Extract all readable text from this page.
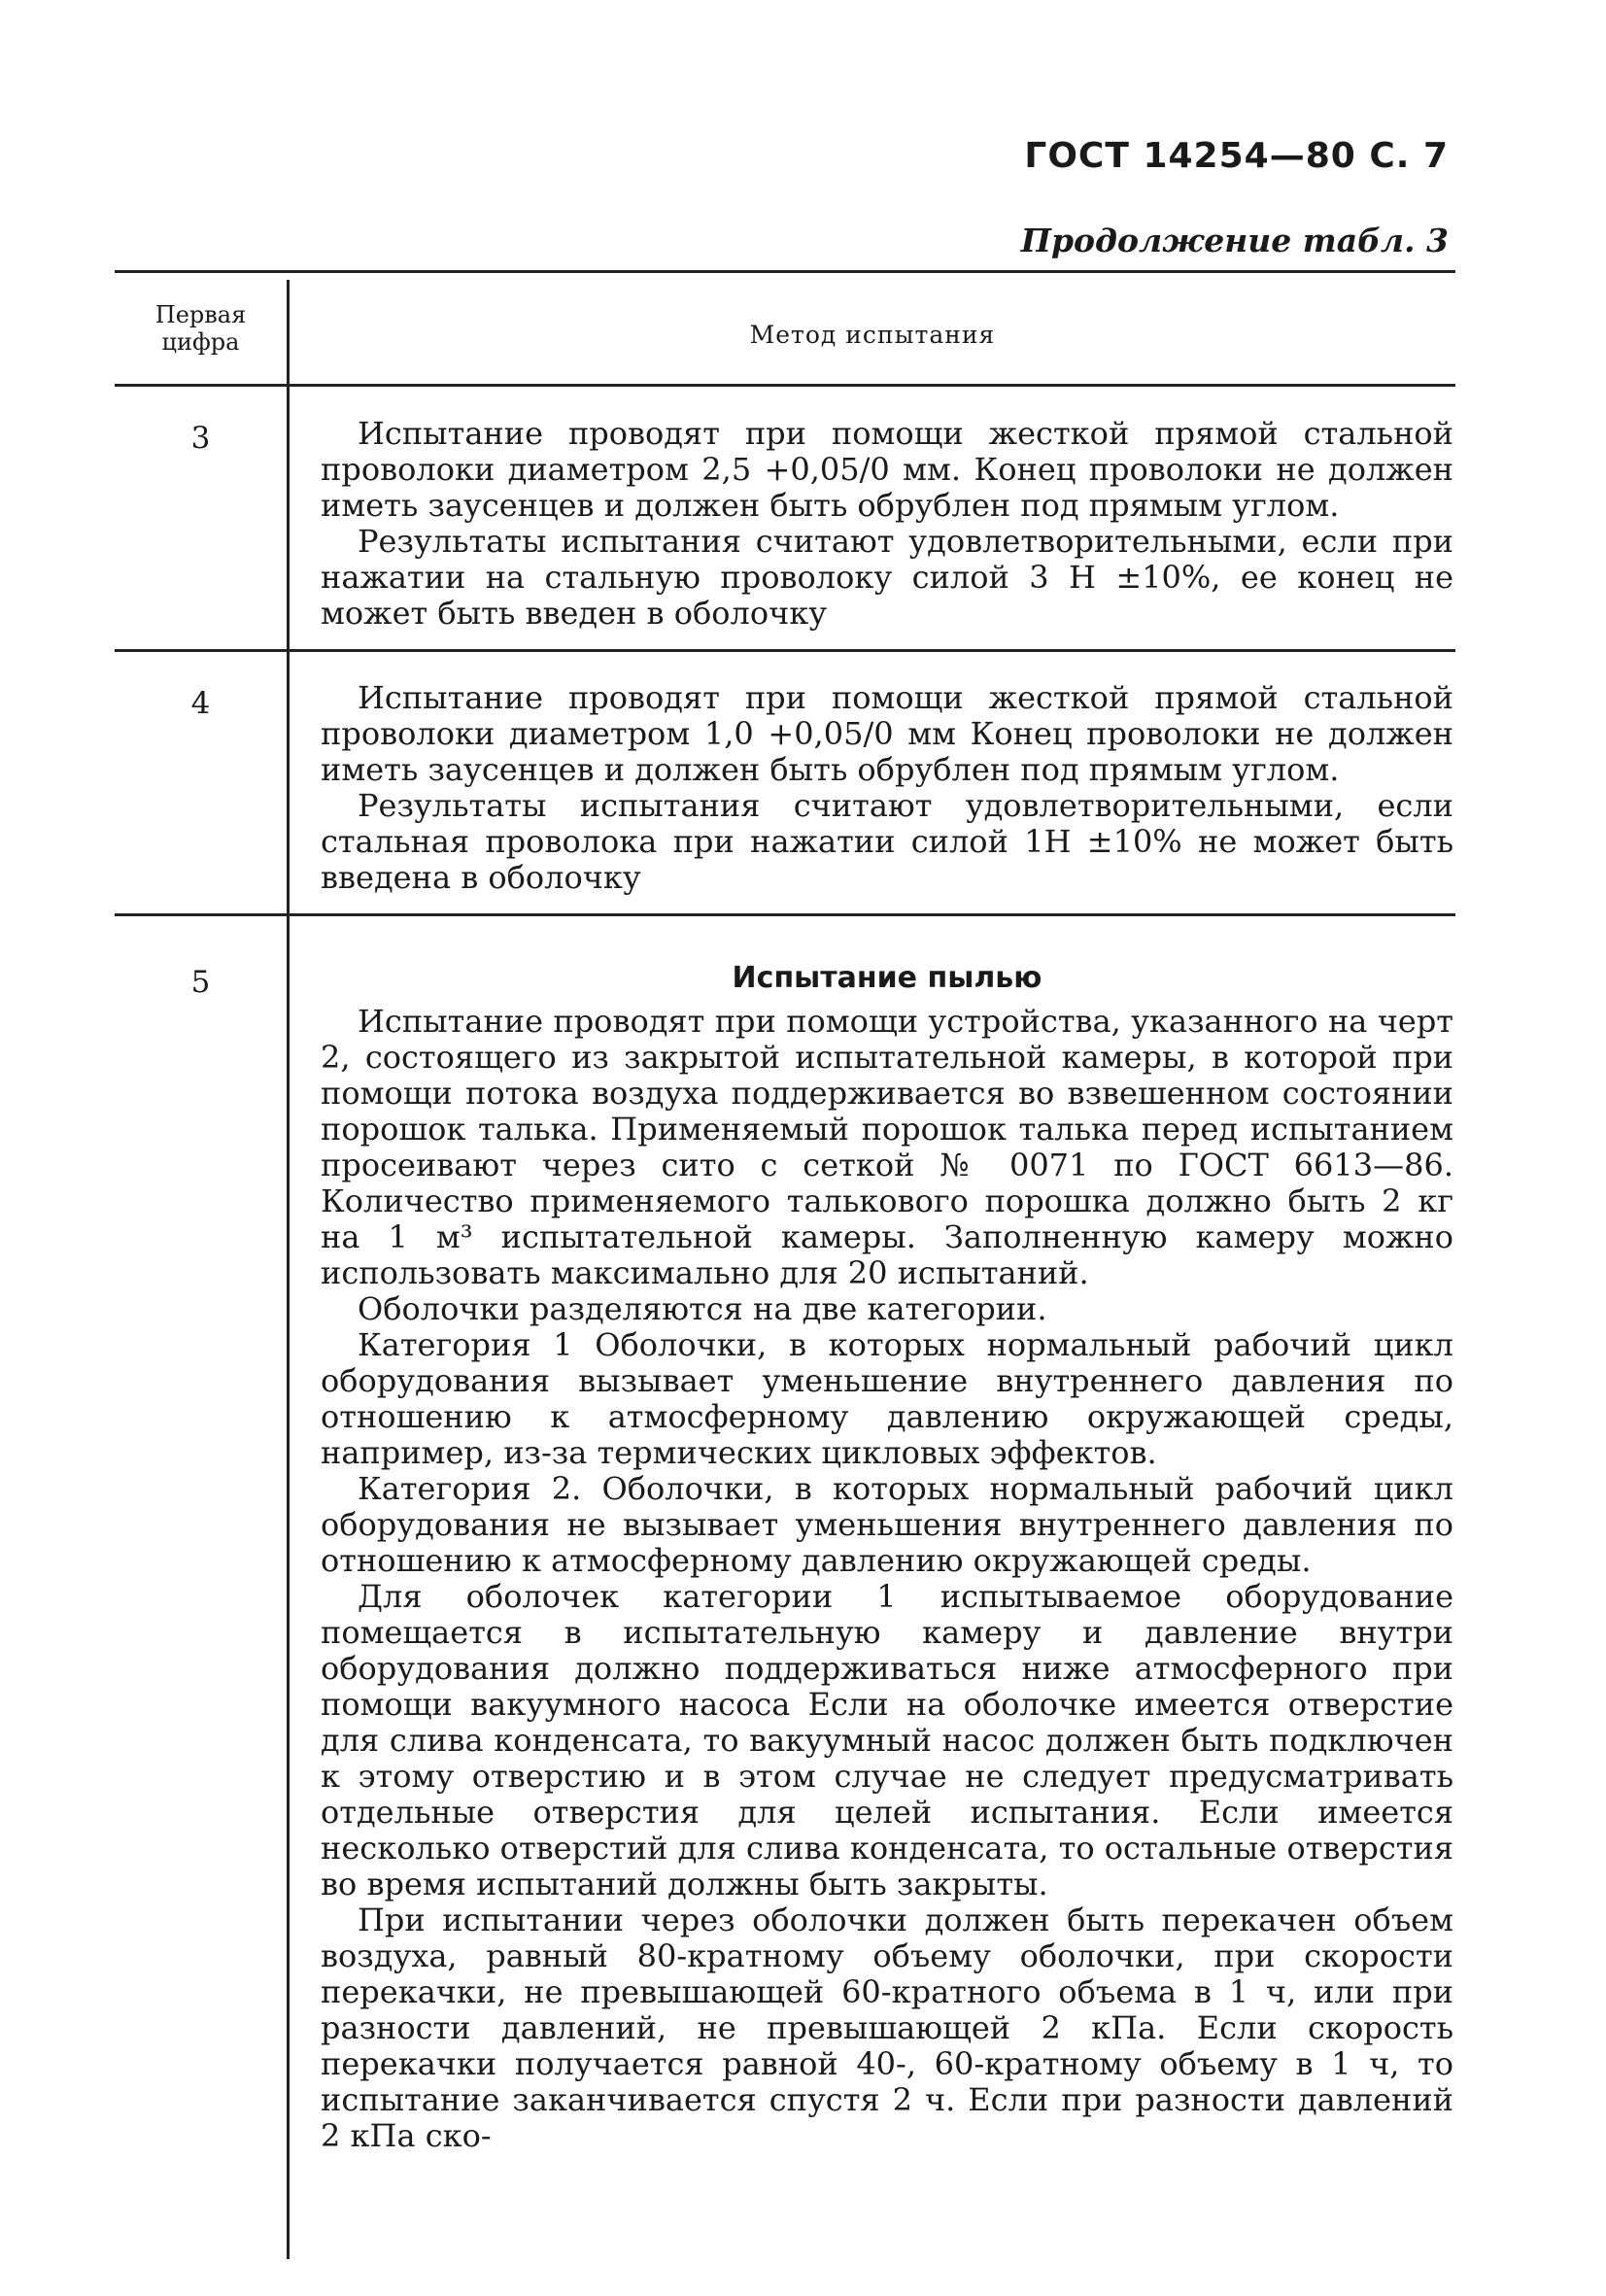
ГОСТ 14254—80 С. 7
Продолжение табл. 3
Первая цифра	Метод испытания
3	Испытание проводят при помощи жесткой прямой стальной проволоки диаметром 2,5 +0,05/0 мм. Конец проволоки не должен иметь заусенцев и должен быть обрублен под прямым углом.

Результаты испытания считают удовлетворительными, если при нажатии на стальную проволоку силой 3 Н ±10%, ее конец не может быть введен в оболочку

4	Испытание проводят при помощи жесткой прямой стальной проволоки диаметром 1,0 +0,05/0 мм Конец проволоки не должен иметь заусенцев и должен быть обрублен под прямым углом.

Результаты испытания считают удовлетворительными, если стальная проволока при нажатии силой 1Н ±10% не может быть введена в оболочку

5	Испытание пылью

Испытание проводят при помощи устройства, указанного на черт 2, состоящего из закрытой испытательной камеры, в которой при помощи потока воздуха поддерживается во взвешенном состоянии порошок талька. Применяемый порошок талька перед испытанием просеивают через сито с сеткой № 0071 по ГОСТ 6613—86. Количество применяемого талькового порошка должно быть 2 кг на 1 м³ испытательной камеры. Заполненную камеру можно использовать максимально для 20 испытаний.

Оболочки разделяются на две категории.

Категория 1 Оболочки, в которых нормальный рабочий цикл оборудования вызывает уменьшение внутреннего давления по отношению к атмосферному давлению окружающей среды, например, из-за термических цикловых эффектов.

Категория 2. Оболочки, в которых нормальный рабочий цикл оборудования не вызывает уменьшения внутреннего давления по отношению к атмосферному давлению окружающей среды.

Для оболочек категории 1 испытываемое оборудование помещается в испытательную камеру и давление внутри оборудования должно поддерживаться ниже атмосферного при помощи вакуумного насоса Если на оболочке имеется отверстие для слива конденсата, то вакуумный насос должен быть подключен к этому отверстию и в этом случае не следует предусматривать отдельные отверстия для целей испытания. Если имеется несколько отверстий для слива конденсата, то остальные отверстия во время испытаний должны быть закрыты.

При испытании через оболочки должен быть перекачен объем воздуха, равный 80-кратному объему оболочки, при скорости перекачки, не превышающей 60-кратного объема в 1 ч, или при разности давлений, не превышающей 2 кПа. Если скорость перекачки получается равной 40-, 60-кратному объему в 1 ч, то испытание заканчивается спустя 2 ч. Если при разности давлений 2 кПа ско-
